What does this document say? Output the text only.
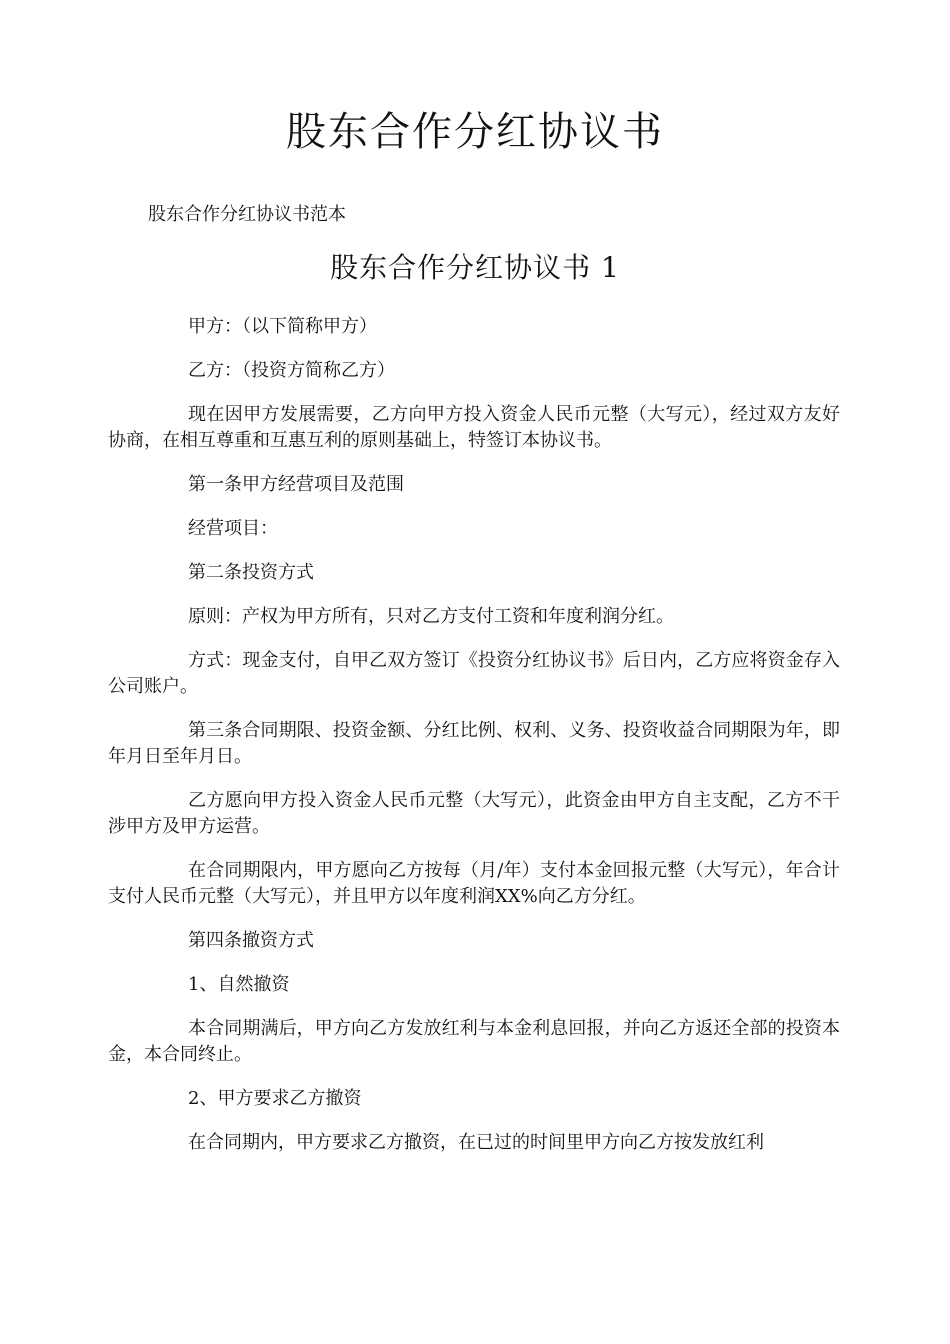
股东合作分红协议书
股东合作分红协议书范本
股东合作分红协议书 1

甲方：（以下简称甲方）

乙方：（投资方简称乙方）

现在因甲方发展需要，乙方向甲方投入资金人民币元整（大写元），经过双方友好协商，在相互尊重和互惠互利的原则基础上，特签订本协议书。

第一条甲方经营项目及范围

经营项目：

第二条投资方式

原则：产权为甲方所有，只对乙方支付工资和年度利润分红。

方式：现金支付，自甲乙双方签订《投资分红协议书》后日内，乙方应将资金存入公司账户。

第三条合同期限、投资金额、分红比例、权利、义务、投资收益合同期限为年，即年月日至年月日。

乙方愿向甲方投入资金人民币元整（大写元），此资金由甲方自主支配，乙方不干涉甲方及甲方运营。

在合同期限内，甲方愿向乙方按每（月/年）支付本金回报元整（大写元），年合计支付人民币元整（大写元），并且甲方以年度利润XX%向乙方分红。

第四条撤资方式

1、自然撤资

本合同期满后，甲方向乙方发放红利与本金利息回报，并向乙方返还全部的投资本金，本合同终止。

2、甲方要求乙方撤资

在合同期内，甲方要求乙方撤资，在已过的时间里甲方向乙方按发放红利
